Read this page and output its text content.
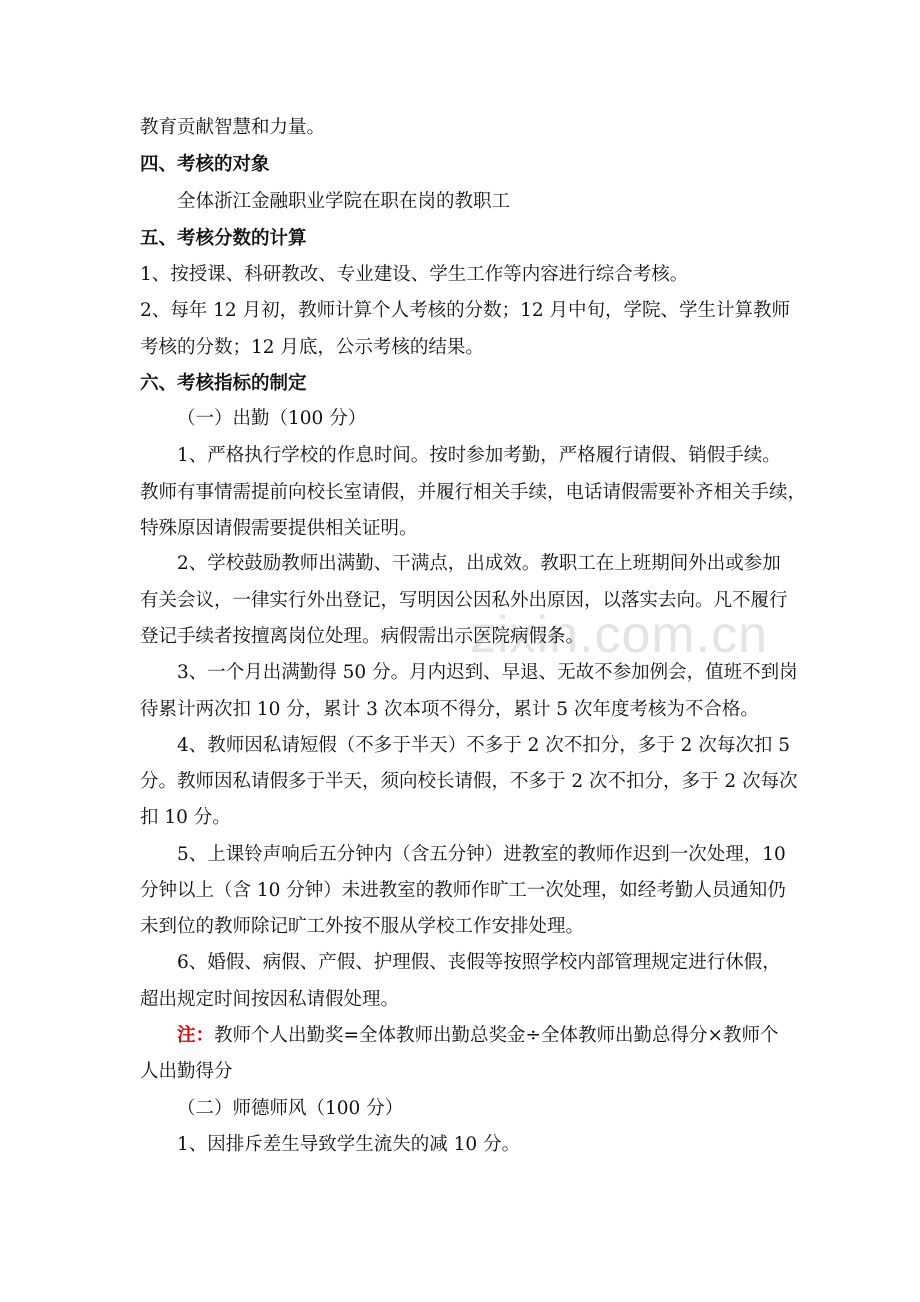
zixin.com.cn
教育贡献智慧和力量。
四、考核的对象
全体浙江金融职业学院在职在岗的教职工
五、考核分数的计算
1、按授课、科研教改、专业建设、学生工作等内容进行综合考核。
2、每年 12 月初，教师计算个人考核的分数；12 月中旬，学院、学生计算教师
考核的分数；12 月底，公示考核的结果。
六、考核指标的制定
（一）出勤（100 分）
1、严格执行学校的作息时间。按时参加考勤，严格履行请假、销假手续。
教师有事情需提前向校长室请假，并履行相关手续，电话请假需要补齐相关手续，
特殊原因请假需要提供相关证明。
2、学校鼓励教师出满勤、干满点，出成效。教职工在上班期间外出或参加
有关会议，一律实行外出登记，写明因公因私外出原因，以落实去向。凡不履行
登记手续者按擅离岗位处理。病假需出示医院病假条。
3、一个月出满勤得 50 分。月内迟到、早退、无故不参加例会，值班不到岗
待累计两次扣 10 分，累计 3 次本项不得分，累计 5 次年度考核为不合格。
4、教师因私请短假（不多于半天）不多于 2 次不扣分，多于 2 次每次扣 5
分。教师因私请假多于半天，须向校长请假，不多于 2 次不扣分，多于 2 次每次
扣 10 分。
5、上课铃声响后五分钟内（含五分钟）进教室的教师作迟到一次处理，10
分钟以上（含 10 分钟）未进教室的教师作旷工一次处理，如经考勤人员通知仍
未到位的教师除记旷工外按不服从学校工作安排处理。
6、婚假、病假、产假、护理假、丧假等按照学校内部管理规定进行休假，
超出规定时间按因私请假处理。
注：教师个人出勤奖=全体教师出勤总奖金÷全体教师出勤总得分×教师个
人出勤得分
（二）师德师风（100 分）
1、因排斥差生导致学生流失的减 10 分。
